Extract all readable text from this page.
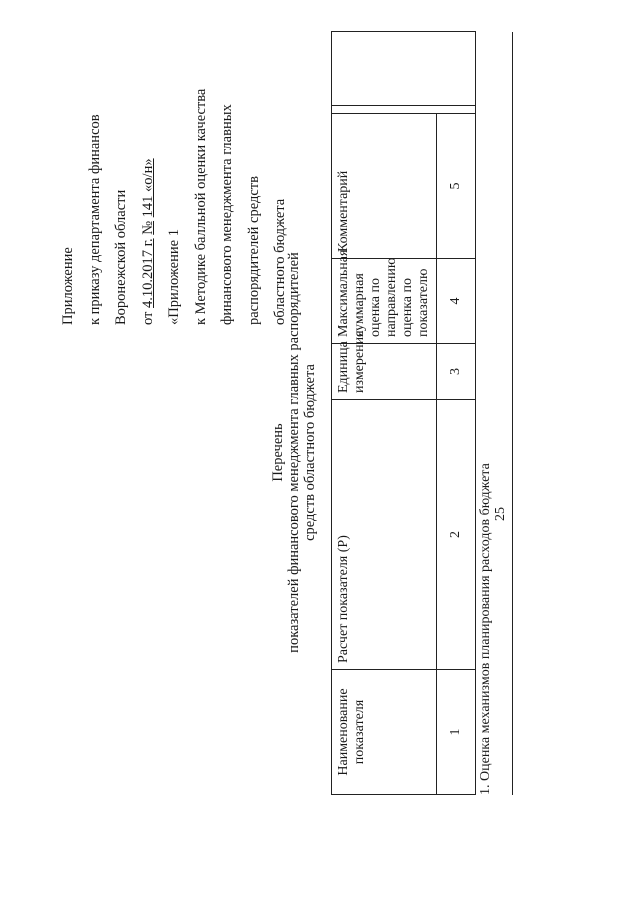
Приложение к приказу департамента финансов Воронежской области от 4.10.2017 г. № 141 «о/н»
«Приложение 1 к Методике балльной оценки качества финансового менеджмента главных распорядителей средств областного бюджета
Перечень показателей финансового менеджмента главных распорядителей средств областного бюджета
Наименование показателя	Расчет показателя (P)	Единица измерения	Максимальная суммарная оценка по направлению оценка по показателю	Комментарий		
1	2	3	4	5		
1. Оценка механизмов планирования расходов бюджета 25
